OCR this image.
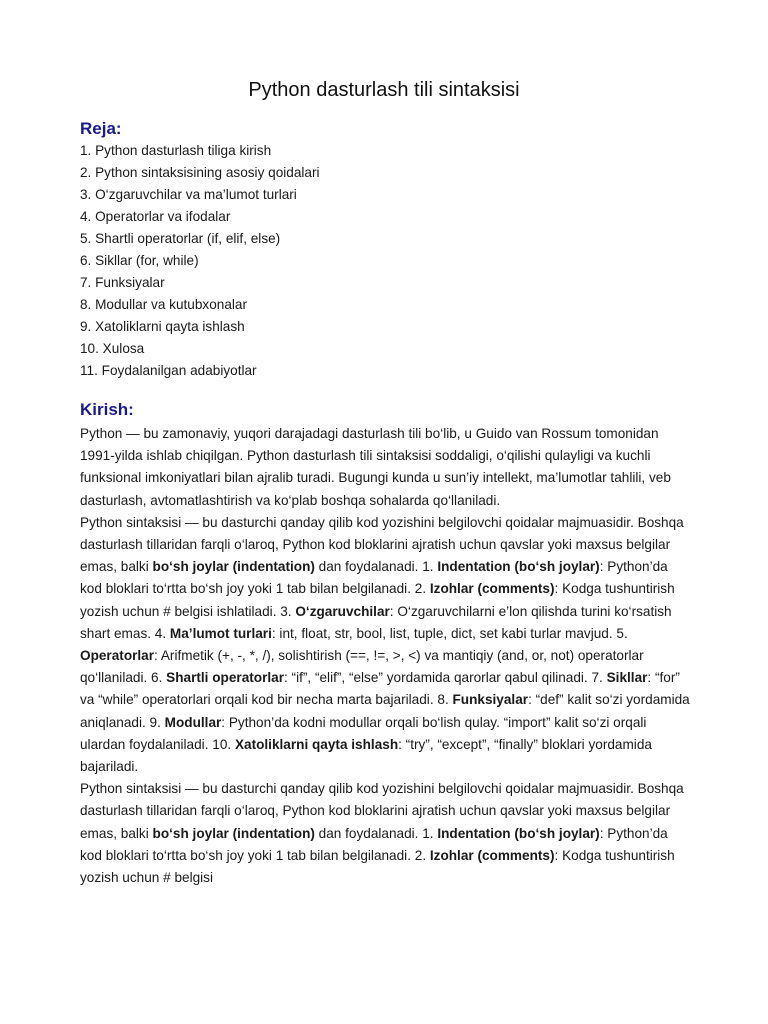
Python dasturlash tili sintaksisi
Reja:
1. Python dasturlash tiliga kirish
2. Python sintaksisining asosiy qoidalari
3. O‘zgaruvchilar va ma’lumot turlari
4. Operatorlar va ifodalar
5. Shartli operatorlar (if, elif, else)
6. Sikllar (for, while)
7. Funksiyalar
8. Modullar va kutubxonalar
9. Xatoliklarni qayta ishlash
10. Xulosa
11. Foydalanilgan adabiyotlar
Kirish:

Python — bu zamonaviy, yuqori darajadagi dasturlash tili bo‘lib, u Guido van Rossum tomonidan 1991-yilda ishlab chiqilgan. Python dasturlash tili sintaksisi soddaligi, o‘qilishi qulayligi va kuchli funksional imkoniyatlari bilan ajralib turadi. Bugungi kunda u sun’iy intellekt, ma’lumotlar tahlili, veb dasturlash, avtomatlashtirish va ko‘plab boshqa sohalarda qo‘llaniladi.

Python sintaksisi — bu dasturchi qanday qilib kod yozishini belgilovchi qoidalar majmuasidir. Boshqa dasturlash tillaridan farqli o‘laroq, Python kod bloklarini ajratish uchun qavslar yoki maxsus belgilar emas, balki bo‘sh joylar (indentation) dan foydalanadi. 1. Indentation (bo‘sh joylar): Python’da kod bloklari to‘rtta bo‘sh joy yoki 1 tab bilan belgilanadi. 2. Izohlar (comments): Kodga tushuntirish yozish uchun # belgisi ishlatiladi. 3. O‘zgaruvchilar: O‘zgaruvchilarni e’lon qilishda turini ko‘rsatish shart emas. 4. Ma’lumot turlari: int, float, str, bool, list, tuple, dict, set kabi turlar mavjud. 5. Operatorlar: Arifmetik (+, -, *, /), solishtirish (==, !=, >, <) va mantiqiy (and, or, not) operatorlar qo‘llaniladi. 6. Shartli operatorlar: “if”, “elif”, “else” yordamida qarorlar qabul qilinadi. 7. Sikllar: “for” va “while” operatorlari orqali kod bir necha marta bajariladi. 8. Funksiyalar: “def” kalit so‘zi yordamida aniqlanadi. 9. Modullar: Python’da kodni modullar orqali bo‘lish qulay. “import” kalit so‘zi orqali ulardan foydalaniladi. 10. Xatoliklarni qayta ishlash: “try”, “except”, “finally” bloklari yordamida bajariladi.

Python sintaksisi — bu dasturchi qanday qilib kod yozishini belgilovchi qoidalar majmuasidir. Boshqa dasturlash tillaridan farqli o‘laroq, Python kod bloklarini ajratish uchun qavslar yoki maxsus belgilar emas, balki bo‘sh joylar (indentation) dan foydalanadi. 1. Indentation (bo‘sh joylar): Python’da kod bloklari to‘rtta bo‘sh joy yoki 1 tab bilan belgilanadi. 2. Izohlar (comments): Kodga tushuntirish yozish uchun # belgisi
